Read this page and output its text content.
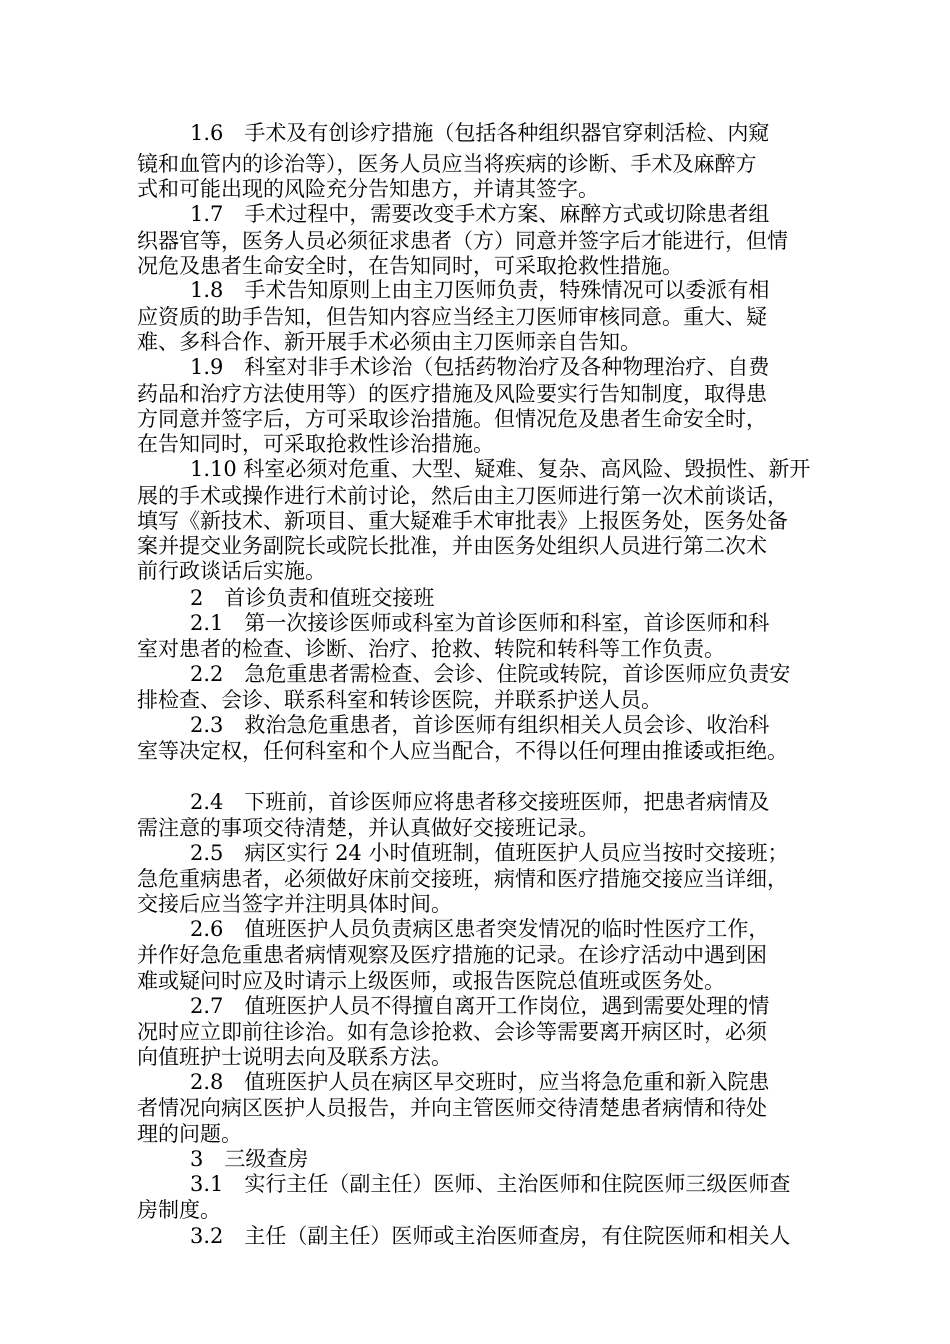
1.6　手术及有创诊疗措施（包括各种组织器官穿刺活检、内窥
镜和血管内的诊治等），医务人员应当将疾病的诊断、手术及麻醉方
式和可能出现的风险充分告知患方，并请其签字。
1.7　手术过程中，需要改变手术方案、麻醉方式或切除患者组
织器官等，医务人员必须征求患者（方）同意并签字后才能进行，但情
况危及患者生命安全时，在告知同时，可采取抢救性措施。
1.8　手术告知原则上由主刀医师负责，特殊情况可以委派有相
应资质的助手告知，但告知内容应当经主刀医师审核同意。重大、疑
难、多科合作、新开展手术必须由主刀医师亲自告知。
1.9　科室对非手术诊治（包括药物治疗及各种物理治疗、自费
药品和治疗方法使用等）的医疗措施及风险要实行告知制度，取得患
方同意并签字后，方可采取诊治措施。但情况危及患者生命安全时，
在告知同时，可采取抢救性诊治措施。
1.10 科室必须对危重、大型、疑难、复杂、高风险、毁损性、新开
展的手术或操作进行术前讨论，然后由主刀医师进行第一次术前谈话，
填写《新技术、新项目、重大疑难手术审批表》上报医务处，医务处备
案并提交业务副院长或院长批准，并由医务处组织人员进行第二次术
前行政谈话后实施。
2　首诊负责和值班交接班
2.1　第一次接诊医师或科室为首诊医师和科室，首诊医师和科
室对患者的检查、诊断、治疗、抢救、转院和转科等工作负责。
2.2　急危重患者需检查、会诊、住院或转院，首诊医师应负责安
排检查、会诊、联系科室和转诊医院，并联系护送人员。
2.3　救治急危重患者，首诊医师有组织相关人员会诊、收治科
室等决定权，任何科室和个人应当配合，不得以任何理由推诿或拒绝。
2.4　下班前，首诊医师应将患者移交接班医师，把患者病情及
需注意的事项交待清楚，并认真做好交接班记录。
2.5　病区实行 24 小时值班制，值班医护人员应当按时交接班；
急危重病患者，必须做好床前交接班，病情和医疗措施交接应当详细，
交接后应当签字并注明具体时间。
2.6　值班医护人员负责病区患者突发情况的临时性医疗工作，
并作好急危重患者病情观察及医疗措施的记录。在诊疗活动中遇到困
难或疑问时应及时请示上级医师，或报告医院总值班或医务处。
2.7　值班医护人员不得擅自离开工作岗位，遇到需要处理的情
况时应立即前往诊治。如有急诊抢救、会诊等需要离开病区时，必须
向值班护士说明去向及联系方法。
2.8　值班医护人员在病区早交班时，应当将急危重和新入院患
者情况向病区医护人员报告，并向主管医师交待清楚患者病情和待处
理的问题。
3　三级查房
3.1　实行主任（副主任）医师、主治医师和住院医师三级医师查
房制度。
3.2　主任（副主任）医师或主治医师查房，有住院医师和相关人
